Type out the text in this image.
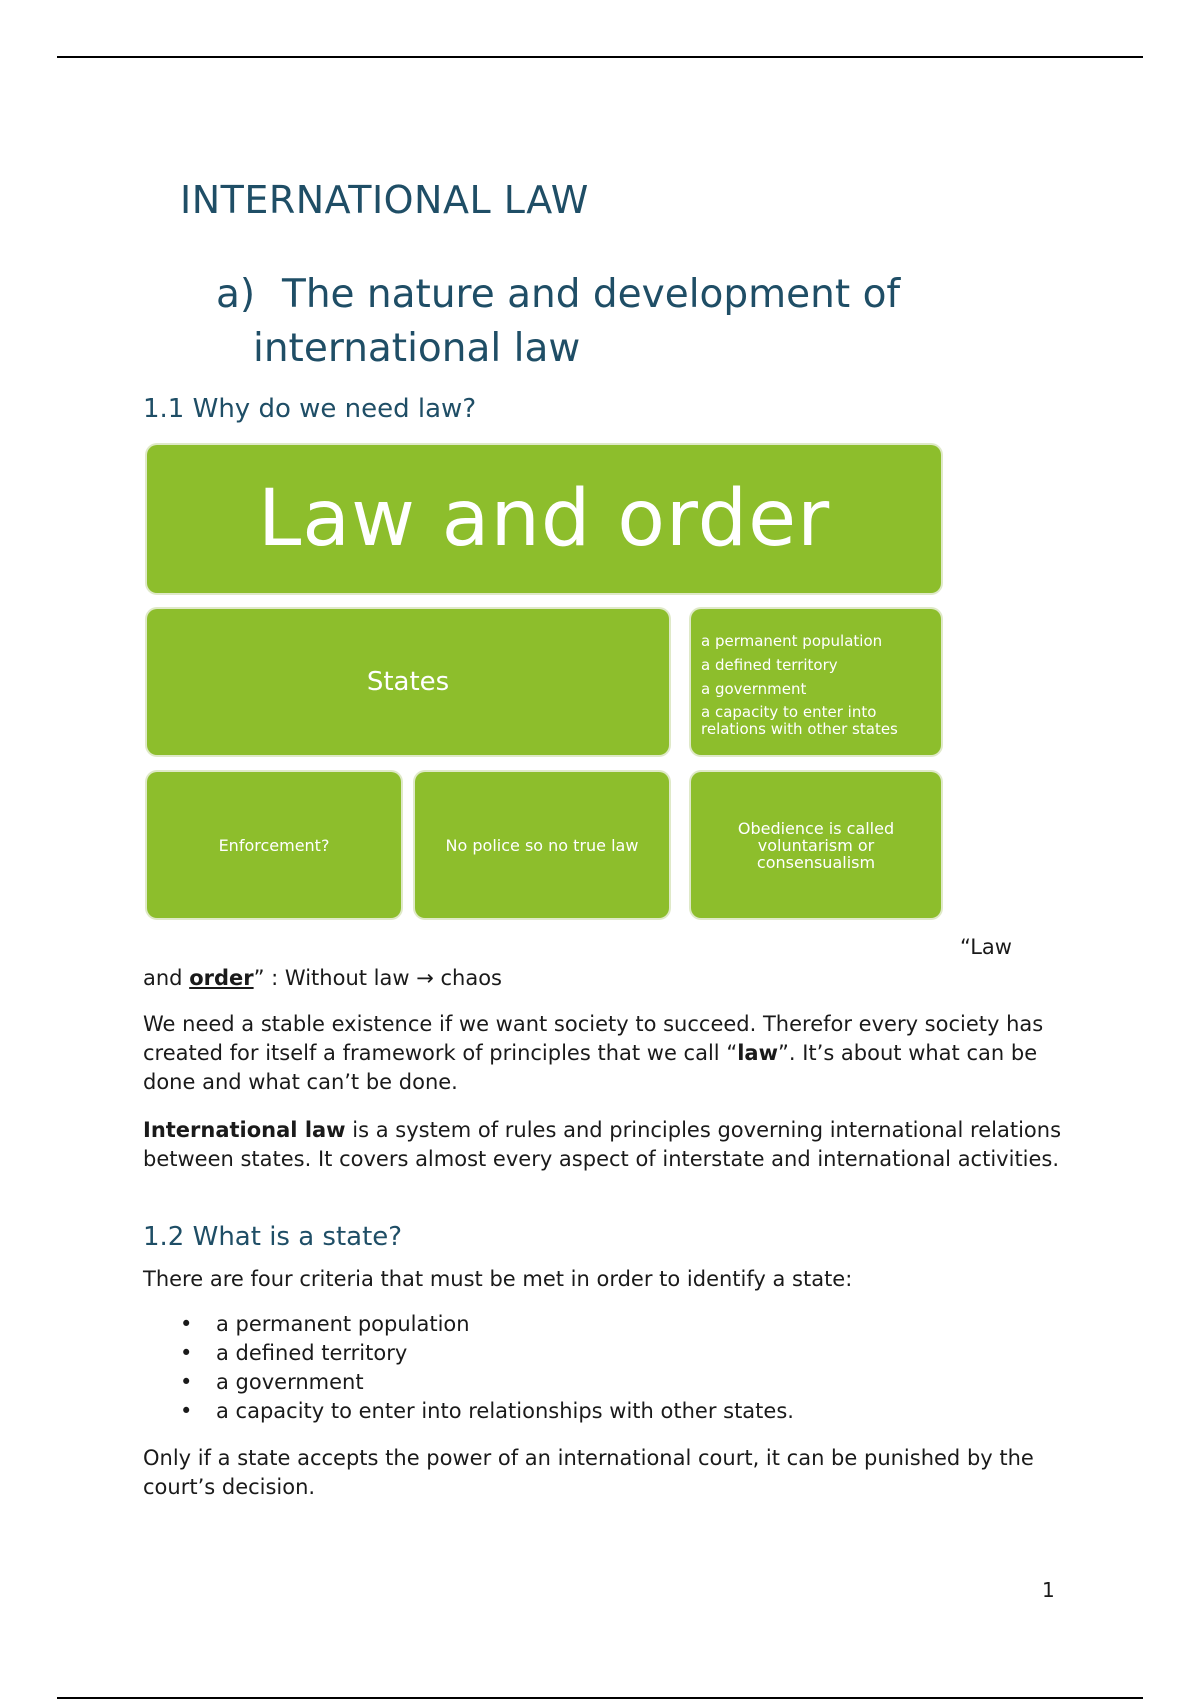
INTERNATIONAL LAW
a) The nature and development of
international law
1.1 Why do we need law?
Law and order
States
a permanent population
a defined territory
a government
a capacity to enter into relations with other states
Enforcement?	No police so no true law
Obedience is called voluntarism or consensualism
“Law
and order” : Without law → chaos

We need a stable existence if we want society to succeed. Therefor every society has created for itself a framework of principles that we call “law”. It’s about what can be done and what can’t be done.

International law is a system of rules and principles governing international relations between states. It covers almost every aspect of interstate and international activities.

1.2 What is a state?

There are four criteria that must be met in order to identify a state:

• a permanent population
• a defined territory
• a government
• a capacity to enter into relationships with other states.

Only if a state accepts the power of an international court, it can be punished by the court’s decision.

1
